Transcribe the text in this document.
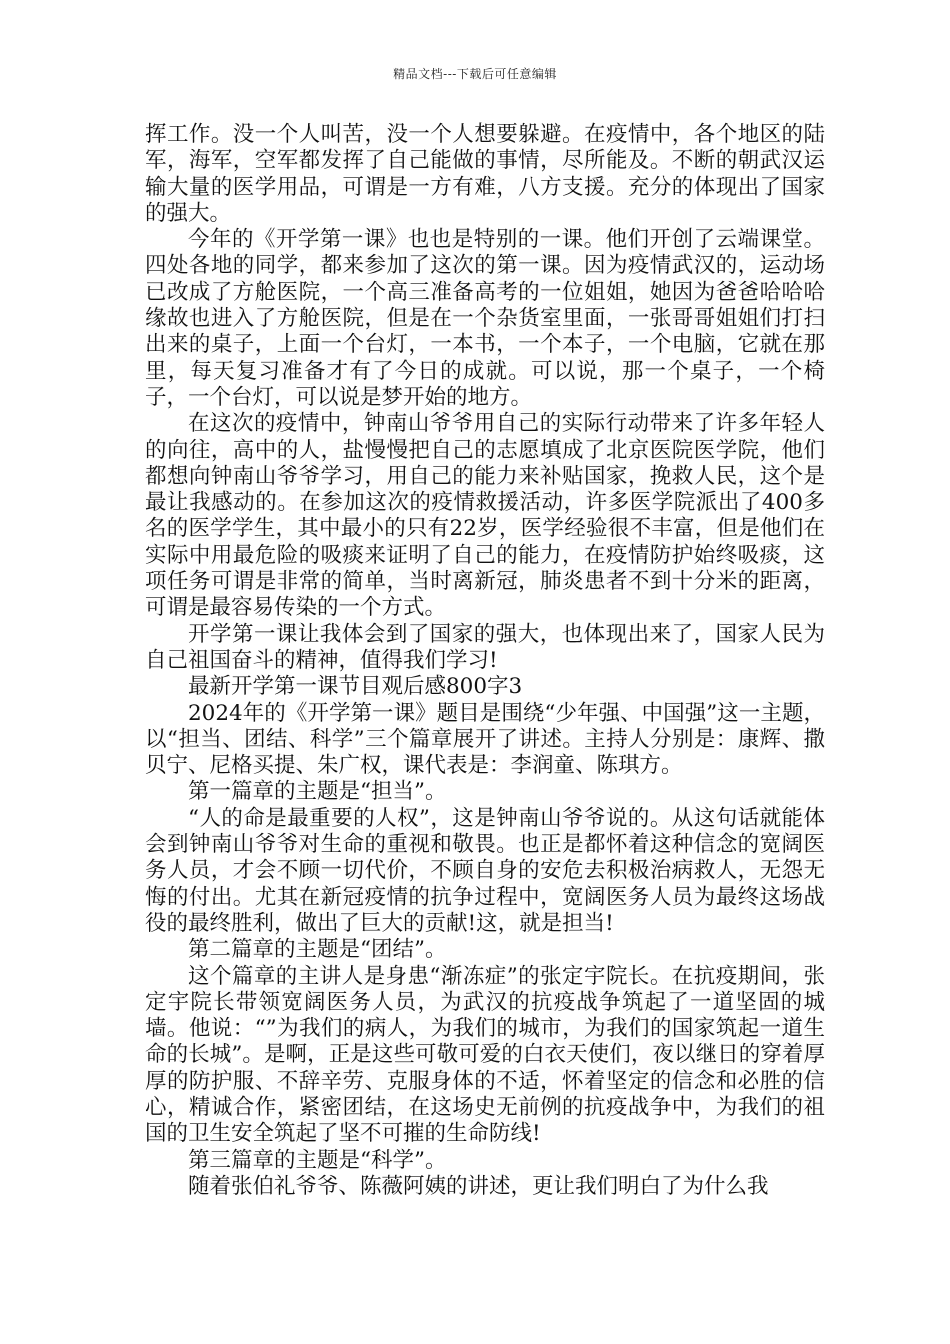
精品文档---下载后可任意编辑

挥工作。没一个人叫苦，没一个人想要躲避。在疫情中，各个地区的陆军，海军，空军都发挥了自己能做的事情，尽所能及。不断的朝武汉运输大量的医学用品，可谓是一方有难，八方支援。充分的体现出了国家的强大。

今年的《开学第一课》也也是特别的一课。他们开创了云端课堂。四处各地的同学，都来参加了这次的第一课。因为疫情武汉的，运动场已改成了方舱医院，一个高三准备高考的一位姐姐，她因为爸爸哈哈哈缘故也进入了方舱医院，但是在一个杂货室里面，一张哥哥姐姐们打扫出来的桌子，上面一个台灯，一本书，一个本子，一个电脑，它就在那里，每天复习准备才有了今日的成就。可以说，那一个桌子，一个椅子，一个台灯，可以说是梦开始的地方。

在这次的疫情中，钟南山爷爷用自己的实际行动带来了许多年轻人的向往，高中的人，盐慢慢把自己的志愿填成了北京医院医学院，他们都想向钟南山爷爷学习，用自己的能力来补贴国家，挽救人民，这个是最让我感动的。在参加这次的疫情救援活动，许多医学院派出了400多名的医学学生，其中最小的只有22岁，医学经验很不丰富，但是他们在实际中用最危险的吸痰来证明了自己的能力，在疫情防护始终吸痰，这项任务可谓是非常的简单，当时离新冠，肺炎患者不到十分米的距离，可谓是最容易传染的一个方式。

开学第一课让我体会到了国家的强大，也体现出来了，国家人民为自己祖国奋斗的精神，值得我们学习!

最新开学第一课节目观后感800字3

2024年的《开学第一课》题目是围绕“少年强、中国强”这一主题，以“担当、团结、科学”三个篇章展开了讲述。主持人分别是：康辉、撒贝宁、尼格买提、朱广权，课代表是：李润童、陈琪方。

第一篇章的主题是“担当”。

“人的命是最重要的人权”，这是钟南山爷爷说的。从这句话就能体会到钟南山爷爷对生命的重视和敬畏。也正是都怀着这种信念的宽阔医务人员，才会不顾一切代价，不顾自身的安危去积极治病救人，无怨无悔的付出。尤其在新冠疫情的抗争过程中，宽阔医务人员为最终这场战役的最终胜利，做出了巨大的贡献!这，就是担当!

第二篇章的主题是“团结”。

这个篇章的主讲人是身患“渐冻症”的张定宇院长。在抗疫期间，张定宇院长带领宽阔医务人员，为武汉的抗疫战争筑起了一道坚固的城墙。他说：“”为我们的病人，为我们的城市，为我们的国家筑起一道生命的长城”。是啊，正是这些可敬可爱的白衣天使们，夜以继日的穿着厚厚的防护服、不辞辛劳、克服身体的不适，怀着坚定的信念和必胜的信心，精诚合作，紧密团结，在这场史无前例的抗疫战争中，为我们的祖国的卫生安全筑起了坚不可摧的生命防线!

第三篇章的主题是“科学”。

随着张伯礼爷爷、陈薇阿姨的讲述，更让我们明白了为什么我
